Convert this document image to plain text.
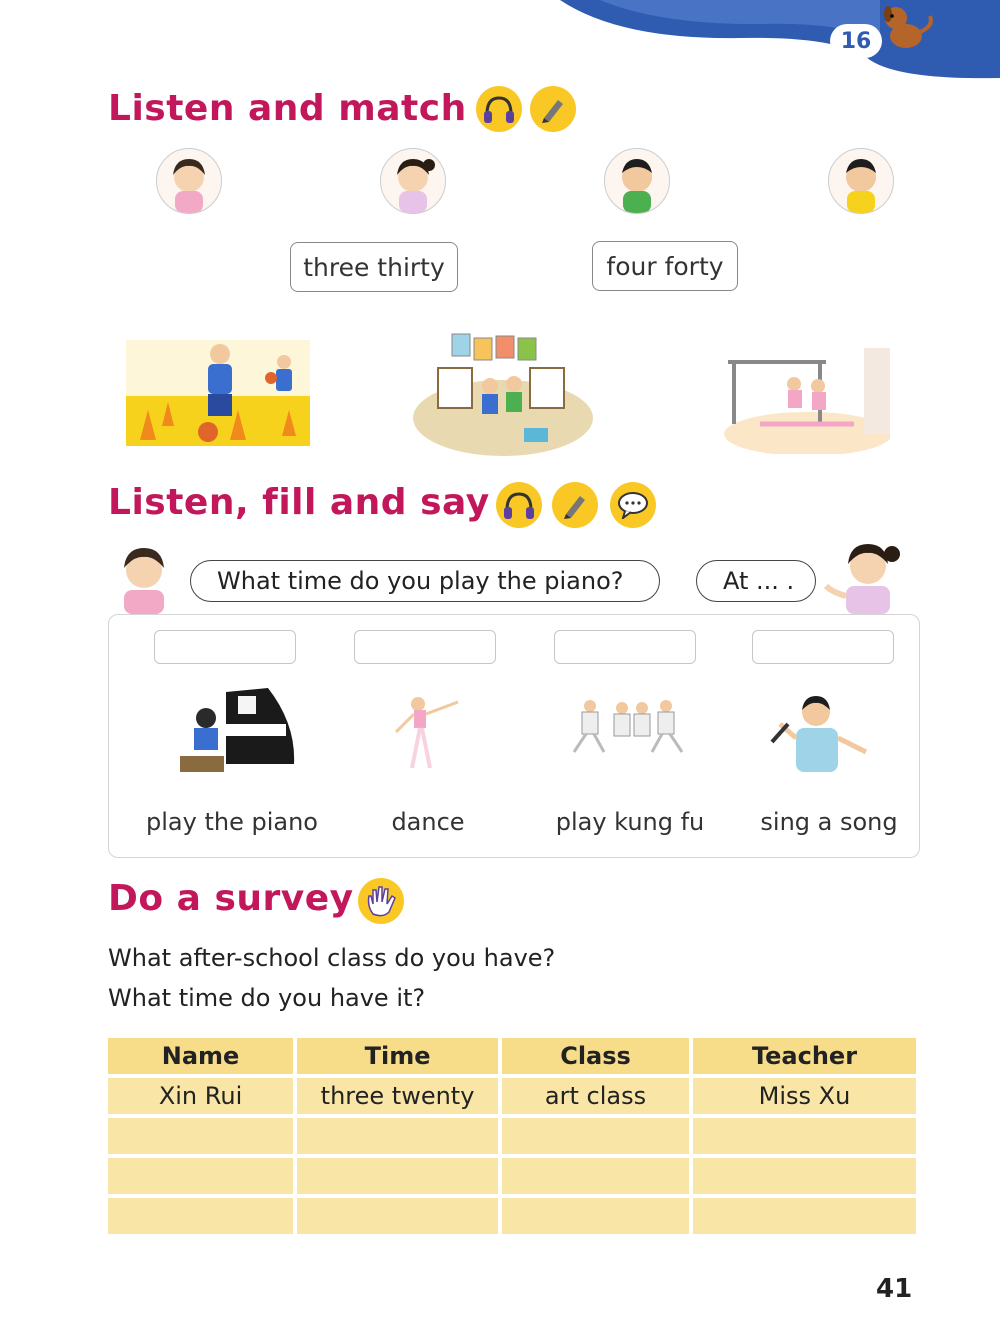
16
Listen and match
three thirty	four forty
Listen, fill and say
What time do you play the piano?	At ... .
play the piano	dance	play kung fu	sing a song
Do a survey
What after-school class do you have?
What time do you have it?
Name	Time	Class	Teacher
Xin Rui	three twenty	art class	Miss Xu

41
